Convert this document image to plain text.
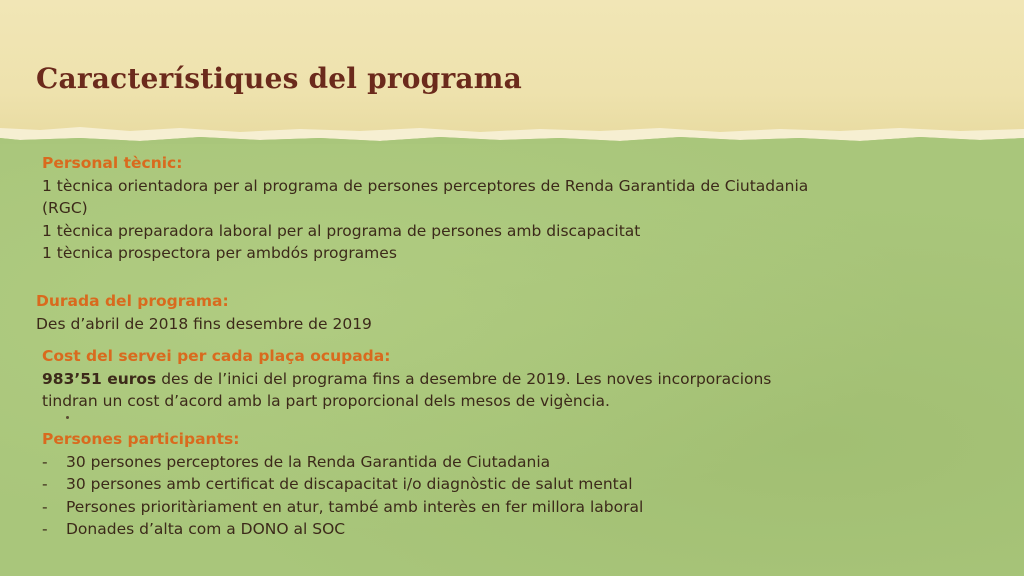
Característiques del programa
Personal tècnic:
1 tècnica orientadora per al programa de persones perceptores de Renda Garantida de Ciutadania
(RGC)
1 tècnica preparadora laboral per al programa de persones amb discapacitat
1 tècnica prospectora per ambdós programes
Durada del programa:
Des d’abril de 2018 fins desembre de 2019
Cost del servei per cada plaça ocupada:
983’51 euros des de l’inici del programa fins a desembre de 2019. Les noves incorporacions
tindran un cost d’acord amb la part proporcional dels mesos de vigència.
Persones participants:
- 30 persones perceptores de la Renda Garantida de Ciutadania
- 30 persones amb certificat de discapacitat i/o diagnòstic de salut mental
- Persones prioritàriament en atur, també amb interès en fer millora laboral
- Donades d’alta com a DONO al SOC
